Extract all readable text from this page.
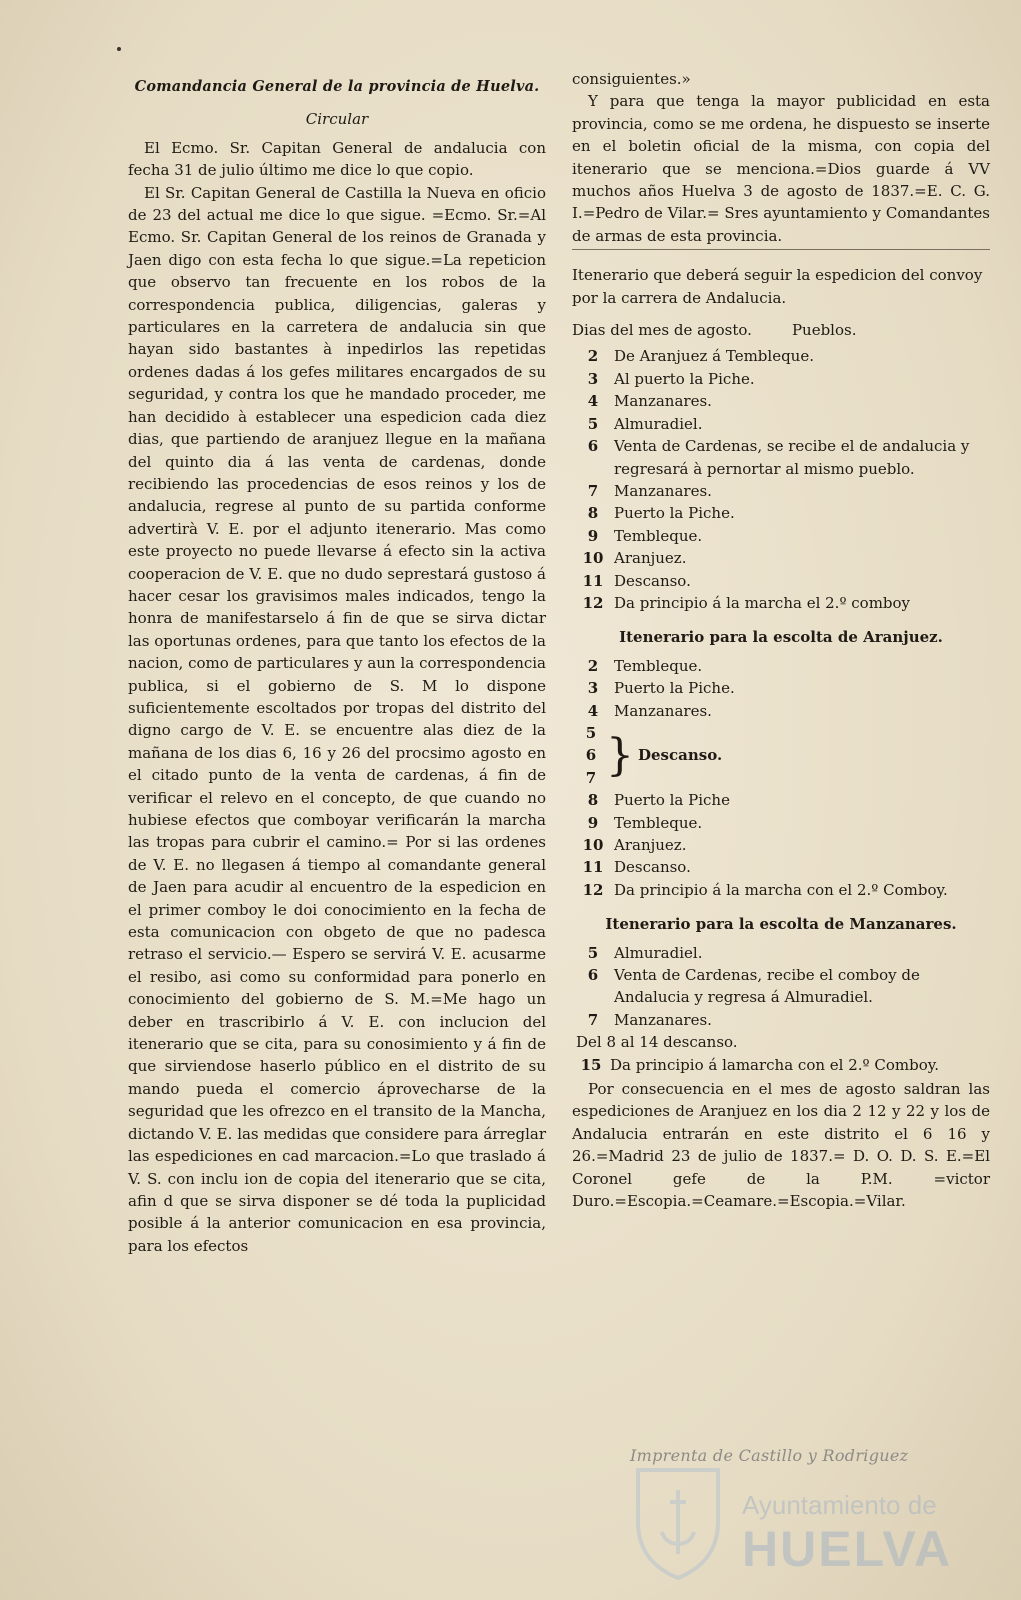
Comandancia General de la provincia de Huelva.
Circular

El Ecmo. Sr. Capitan General de andalucia con fecha 31 de julio último me dice lo que copio.

El Sr. Capitan General de Castilla la Nueva en oficio de 23 del actual me dice lo que sigue. =Ecmo. Sr.=Al Ecmo. Sr. Capitan General de los reinos de Granada y Jaen digo con esta fecha lo que sigue.=La repeticion que observo tan frecuente en los robos de la correspondencia publica, diligencias, galeras y particulares en la carretera de andalucia sin que hayan sido bastantes à inpedirlos las repetidas ordenes dadas á los gefes militares encargados de su seguridad, y contra los que he mandado proceder, me han decidido à establecer una espedicion cada diez dias, que partiendo de aranjuez llegue en la mañana del quinto dia á las venta de cardenas, donde recibiendo las procedencias de esos reinos y los de andalucia, regrese al punto de su partida conforme advertirà V. E. por el adjunto itenerario. Mas como este proyecto no puede llevarse á efecto sin la activa cooperacion de V. E. que no dudo seprestará gustoso á hacer cesar los gravisimos males indicados, tengo la honra de manifestarselo á fin de que se sirva dictar las oportunas ordenes, para que tanto los efectos de la nacion, como de particulares y aun la correspondencia publica, si el gobierno de S. M lo dispone suficientemente escoltados por tropas del distrito del digno cargo de V. E. se encuentre alas diez de la mañana de los dias 6, 16 y 26 del procsimo agosto en el citado punto de la venta de cardenas, á fin de verificar el relevo en el concepto, de que cuando no hubiese efectos que comboyar verificarán la marcha las tropas para cubrir el camino.= Por si las ordenes de V. E. no llegasen á tiempo al comandante general de Jaen para acudir al encuentro de la espedicion en el primer comboy le doi conocimiento en la fecha de esta comunicacion con obgeto de que no padesca retraso el servicio.— Espero se servirá V. E. acusarme el resibo, asi como su conformidad para ponerlo en conocimiento del gobierno de S. M.=Me hago un deber en trascribirlo á V. E. con inclucion del itenerario que se cita, para su conosimiento y á fin de que sirviendose haserlo público en el distrito de su mando pueda el comercio áprovecharse de la seguridad que les ofrezco en el transito de la Mancha, dictando V. E. las medidas que considere para árreglar las espediciones en cad marcacion.=Lo que traslado á V. S. con inclu ion de copia del itenerario que se cita, afin d que se sirva disponer se dé toda la puplicidad posible á la anterior comunicacion en esa provincia, para los efectos

consiguientes.»

Y para que tenga la mayor publicidad en esta provincia, como se me ordena, he dispuesto se inserte en el boletin oficial de la misma, con copia del itenerario que se menciona.=Dios guarde á VV muchos años Huelva 3 de agosto de 1837.=E. C. G. I.=Pedro de Vilar.= Sres ayuntamiento y Comandantes de armas de esta provincia.

Itenerario que deberá seguir la espedicion del convoy por la carrera de Andalucia.

Dias del mes de agosto.	Pueblos.
2	De Aranjuez á Tembleque.
3	Al puerto la Piche.
4	Manzanares.
5	Almuradiel.
6	Venta de Cardenas, se recibe el de andalucia y regresará à pernortar al mismo pueblo.
7	Manzanares.
8	Puerto la Piche.
9	Tembleque.
10 Aranjuez.
11 Descanso.
12 Da principio á la marcha el 2.º comboy
Itenerario para la escolta de Aranjuez.
2	Tembleque.
3	Puerto la Piche.
4	Manzanares.
5
6
7 } Descanso.
8	Puerto la Piche
9	Tembleque.
10 Aranjuez.
11 Descanso.
12 Da principio á la marcha con el 2.º Comboy.
Itenerario para la escolta de Manzanares.
5	Almuradiel.
6	Venta de Cardenas, recibe el comboy de Andalucia y regresa á Almuradiel.
7	Manzanares.
Del 8 al 14 descanso.
15 Da principio á lamarcha con el 2.º Comboy.

Por consecuencia en el mes de agosto saldran las espediciones de Aranjuez en los dia 2 12 y 22 y los de Andalucia entrarán en este distrito el 6 16 y 26.=Madrid 23 de julio de 1837.= D. O. D. S. E.=El Coronel gefe de la P.M. =victor Duro.=Escopia.=Ceamare.=Escopia.=Vilar.

Imprenta de Castillo y Rodriguez
Ayuntamiento de
HUELVA
